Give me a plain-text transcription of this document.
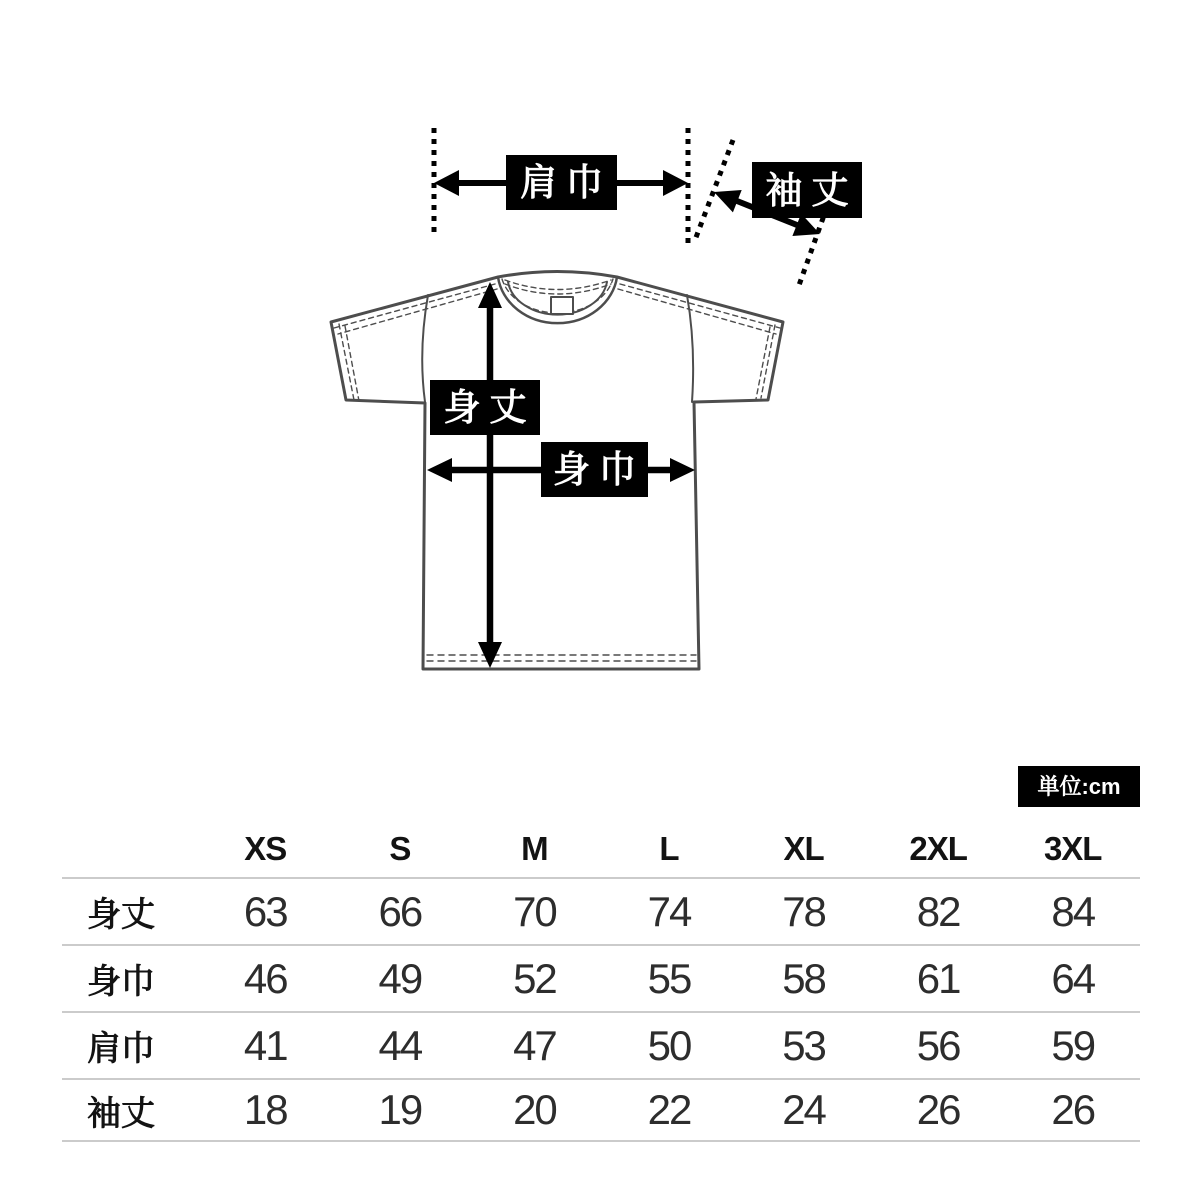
肩巾	袖丈
身丈
身巾
単位:cm
XS	S	M	L	XL	2XL	3XL
身丈	63	66	70	74	78	82	84
身巾	46	49	52	55	58	61	64
肩巾	41	44	47	50	53	56	59
袖丈	18	19	20	22	24	26	26
